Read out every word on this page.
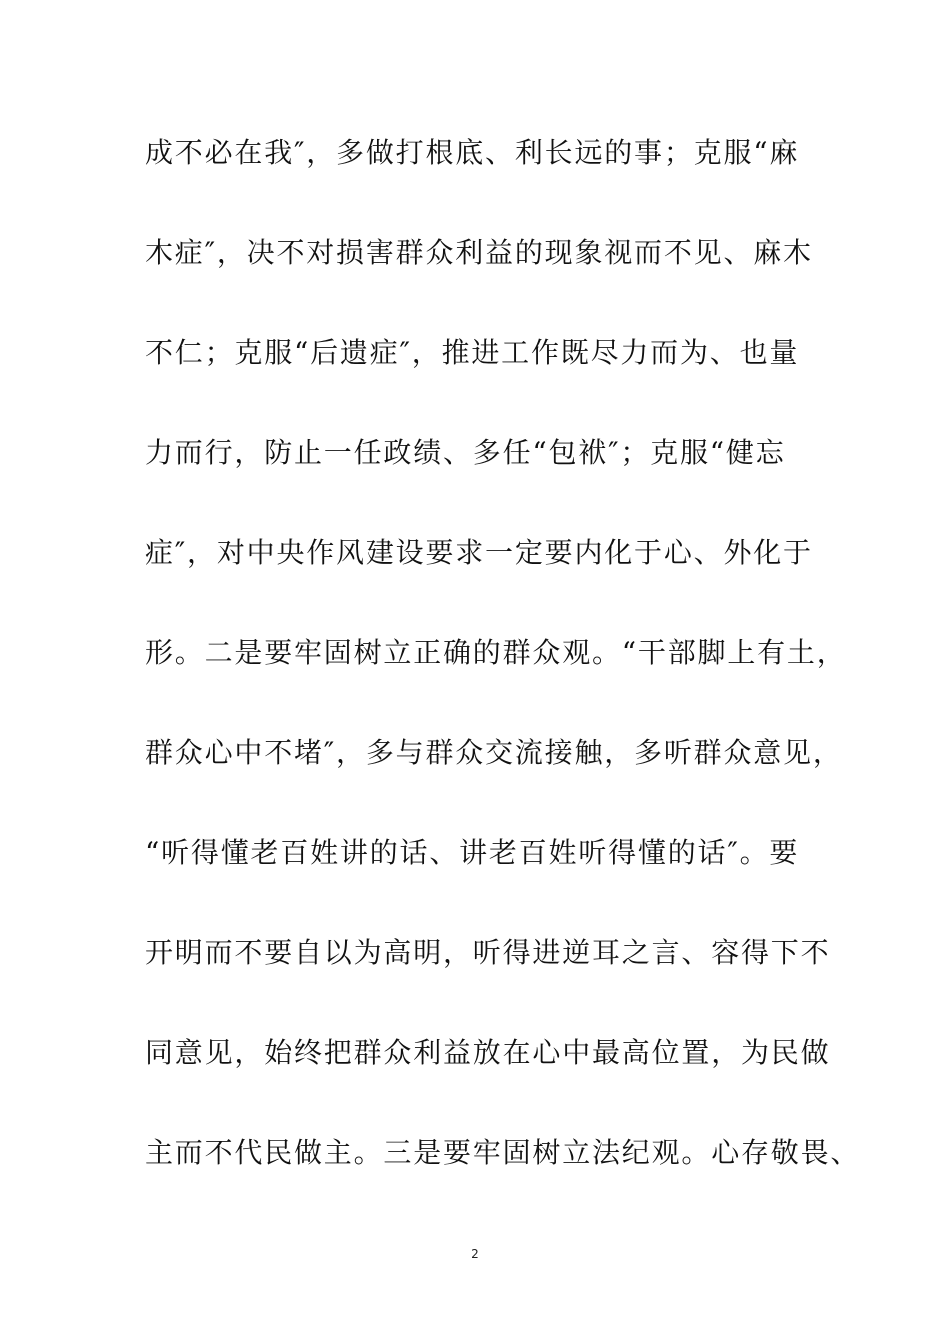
成不必在我″，多做打根底、利长远的事；克服“麻
木症″，决不对损害群众利益的现象视而不见、麻木
不仁；克服“后遗症″，推进工作既尽力而为、也量
力而行，防止一任政绩、多任“包袱″；克服“健忘
症″，对中央作风建设要求一定要内化于心、外化于
形。二是要牢固树立正确的群众观。“干部脚上有土，
群众心中不堵″，多与群众交流接触，多听群众意见，
“听得懂老百姓讲的话、讲老百姓听得懂的话″。要
开明而不要自以为高明，听得进逆耳之言、容得下不
同意见，始终把群众利益放在心中最高位置，为民做
主而不代民做主。三是要牢固树立法纪观。心存敬畏、
2
